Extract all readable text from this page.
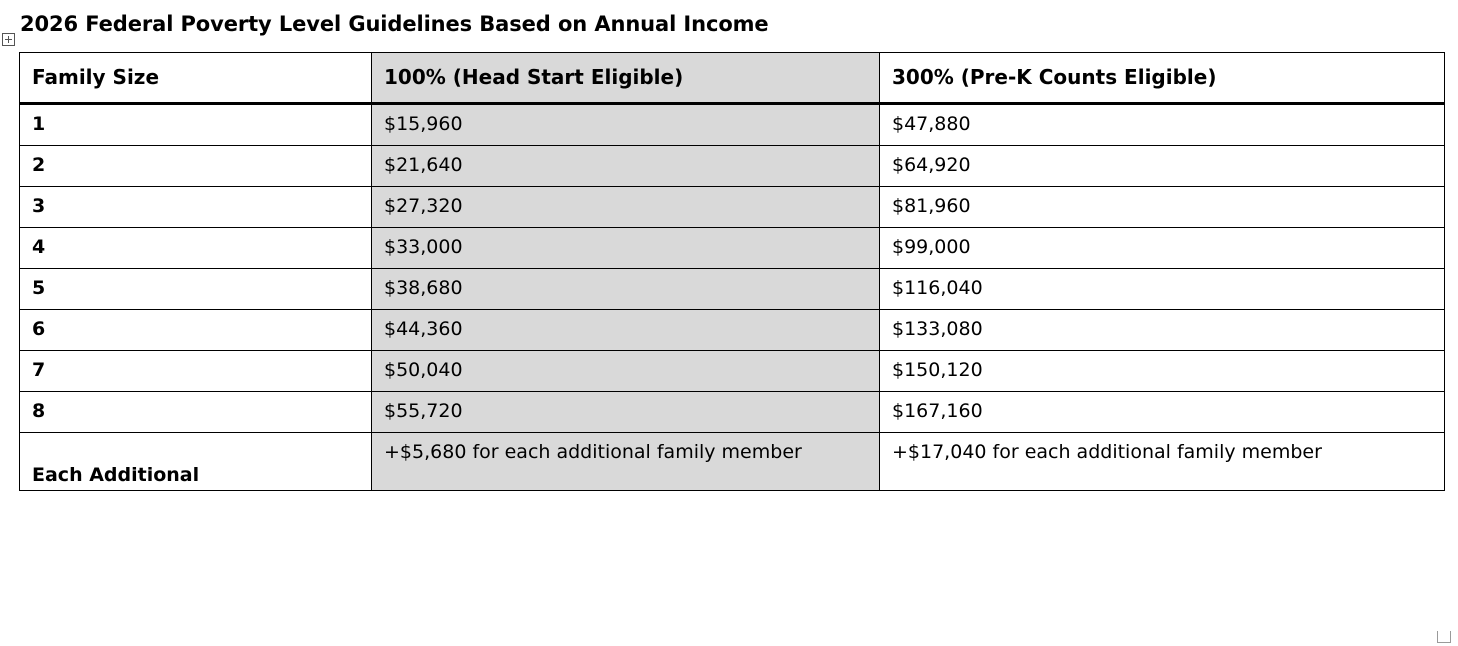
2026 Federal Poverty Level Guidelines Based on Annual Income
Family Size	100% (Head Start Eligible)	300% (Pre-K Counts Eligible)
1	$15,960	$47,880
2	$21,640	$64,920
3	$27,320	$81,960
4	$33,000	$99,000
5	$38,680	$116,040
6	$44,360	$133,080
7	$50,040	$150,120
8	$55,720	$167,160
Each Additional	+$5,680 for each additional family member	+$17,040 for each additional family member
